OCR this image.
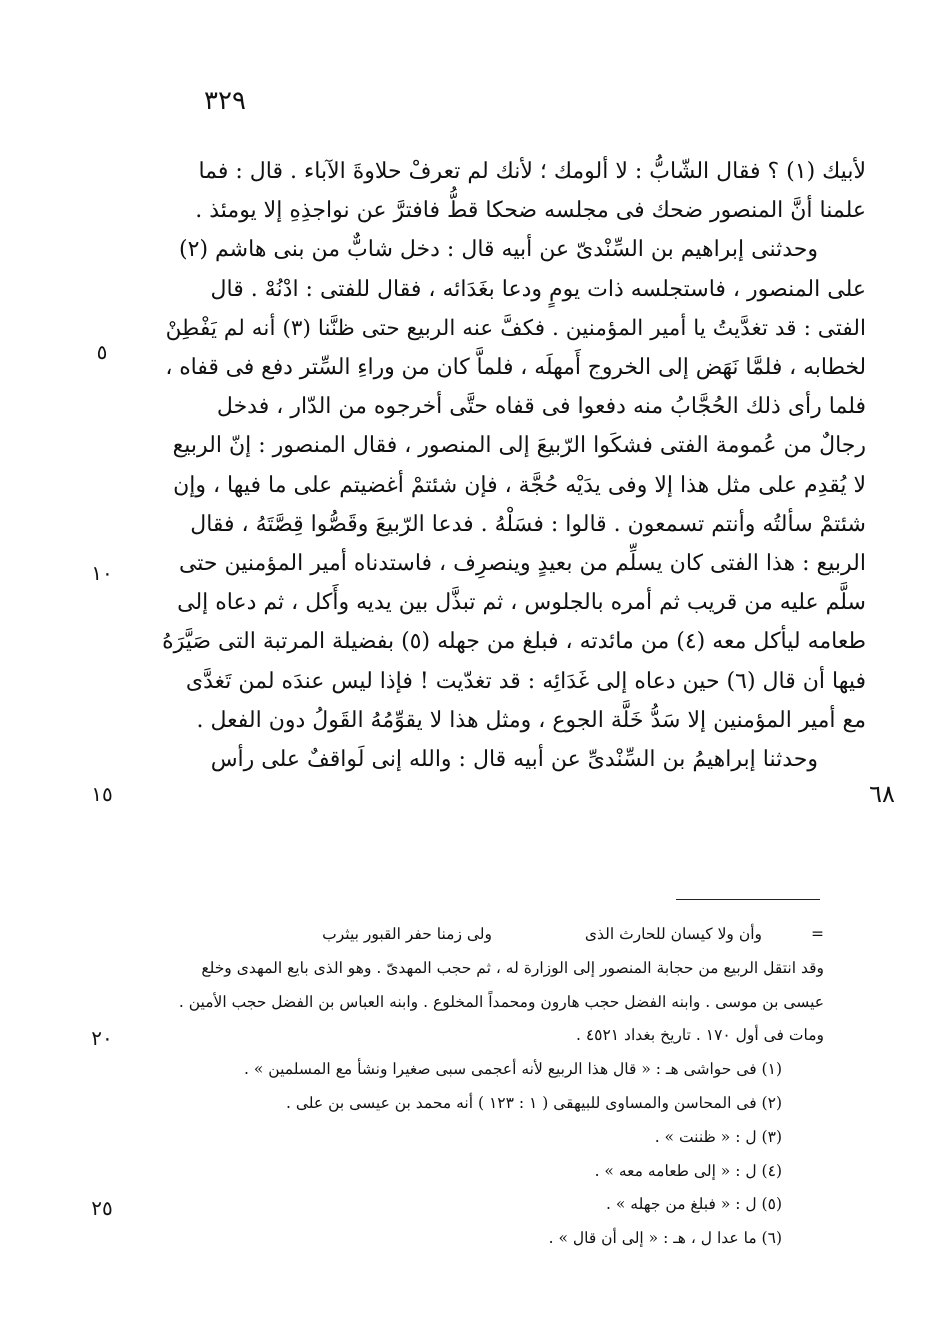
٣٢٩

لأبيك (١) ؟ فقال الشّابُّ : لا ألومك ؛ لأنك لم تعرفْ حلاوةَ الآباء . قال : فما

علمنا أنَّ المنصور ضحك فى مجلسه ضحكا قطُّ فافترَّ عن نواجذِهِ إلا يومئذ .

وحدثنى إبراهيم بن السِّنْدىّ عن أبيه قال : دخل شابٌّ من بنى هاشم (٢)

على المنصور ، فاستجلسه ذات يومٍ ودعا بغَدَائه ، فقال للفتى : ادْنُهْ . قال

الفتى : قد تغدَّيتُ يا أمير المؤمنين . فكفَّ عنه الربيع حتى ظنَّنا (٣) أنه لم يَفْطِنْ

لخطابه ، فلمَّا نَهَض إلى الخروج أَمهلَه ، فلماَّ كان من وراءِ السِّتر دفع فى قفاه ،

فلما رأى ذلك الحُجَّابُ منه دفعوا فى قفاه حتَّى أخرجوه من الدّار ، فدخل

رجالٌ من عُمومة الفتى فشكَوا الرّبيعَ إلى المنصور ، فقال المنصور : إنّ الربيع

لا يُقدِم على مثل هذا إلا وفى يدَيْه حُجَّة ، فإن شئتمْ أغضيتم على ما فيها ، وإن

شئتمْ سألتُه وأنتم تسمعون . قالوا : فسَلْهُ . فدعا الرّبيعَ وقَصُّوا قِصَّتَهُ ، فقال

الربيع : هذا الفتى كان يسلِّم من بعيدٍ وينصرِف ، فاستدناه أمير المؤمنين حتى

سلَّم عليه من قريب ثم أمره بالجلوس ، ثم تبذَّل بين يديه وأَكل ، ثم دعاه إلى

طعامه ليأكل معه (٤) من مائدته ، فبلغ من جهله (٥) بفضيلة المرتبة التى صَيَّرَهُ

فيها أن قال (٦) حين دعاه إلى غَدَائِه : قد تغدّيت ! فإذا ليس عندَه لمن تَغدَّى

مع أمير المؤمنين إلا سَدُّ خَلَّة الجوع ، ومثل هذا لا يقوِّمُهُ القَولُ دون الفعل .

وحدثنا إبراهيمُ بن السِّنْدىِّ عن أبيه قال : والله إنى لَواقفٌ على رأس

٥
١٠
١٥
٢٠
٢٥
٦٨

=
وأن ولا كيسان للحارث الذى
ولى زمنا حفر القبور بيثرب

وقد انتقل الربيع من حجابة المنصور إلى الوزارة له ، ثم حجب المهدىّ . وهو الذى بايع المهدى وخلع

عيسى بن موسى . وابنه الفضل حجب هارون ومحمداً المخلوع . وابنه العباس بن الفضل حجب الأمين .

ومات فى أول ١٧٠ . تاريخ بغداد ٤٥٢١ .

(١) فى حواشى هـ : « قال هذا الربيع لأنه أعجمى سبى صغيرا ونشأ مع المسلمين » .

(٢) فى المحاسن والمساوى للبيهقى ( ١ : ١٢٣ ) أنه محمد بن عيسى بن على .

(٣) ل : « ظننت » .

(٤) ل : « إلى طعامه معه » .

(٥) ل : « فبلغ من جهله » .

(٦) ما عدا ل ، هـ : « إلى أن قال » .
